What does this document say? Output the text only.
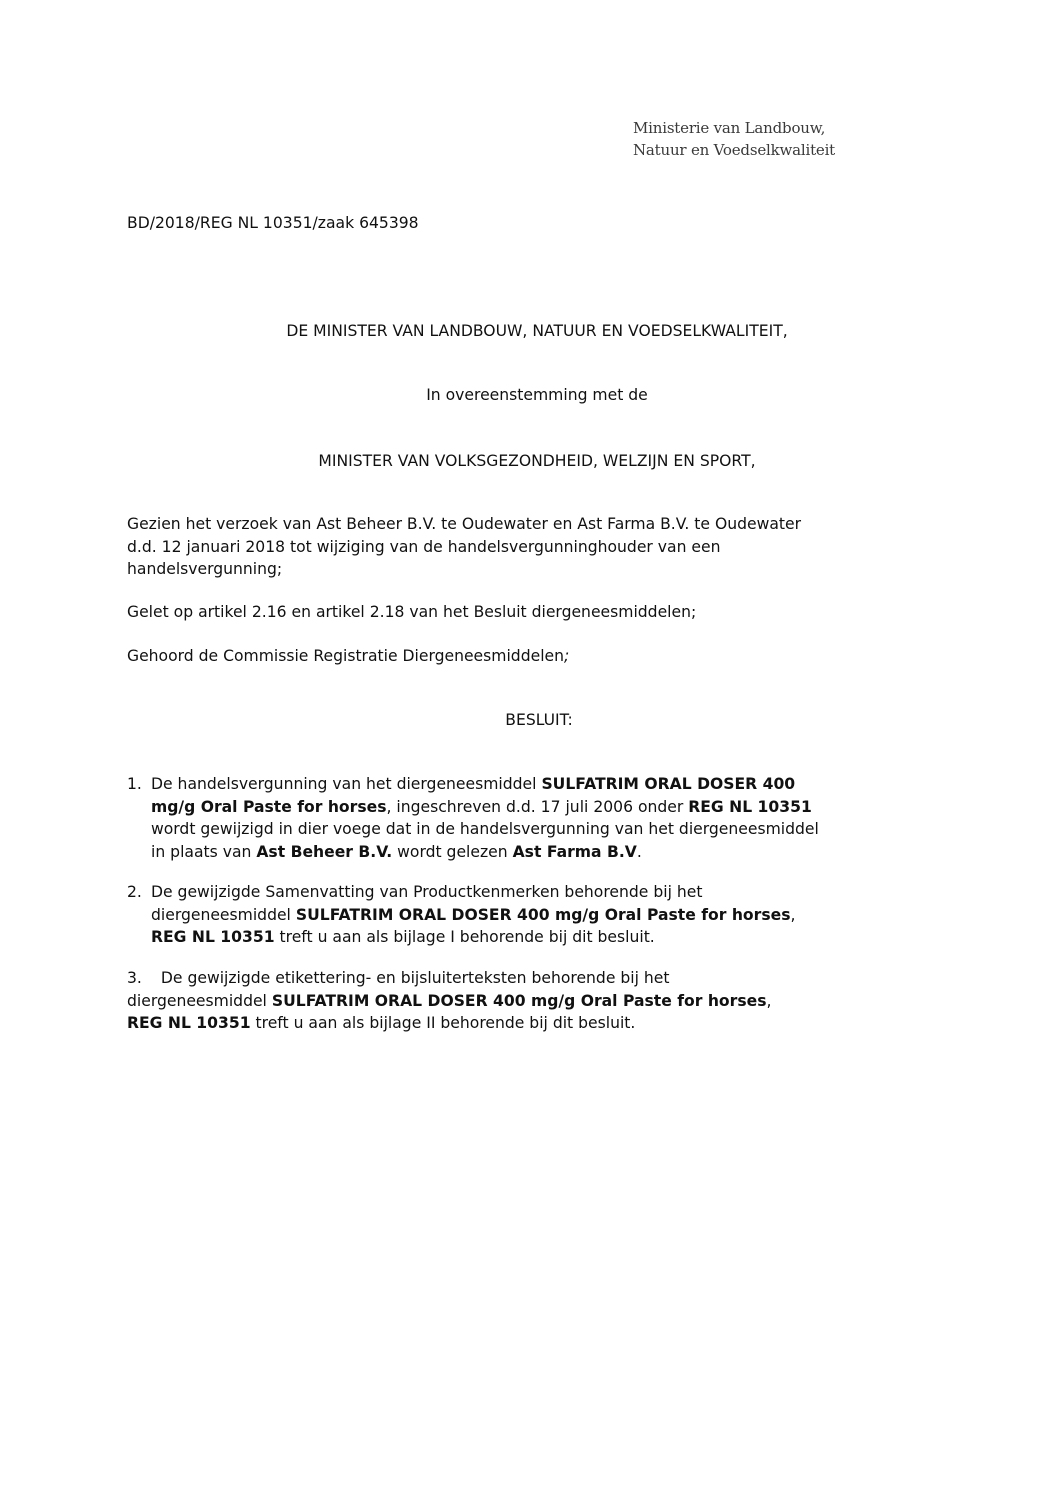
Ministerie van Landbouw,
Natuur en Voedselkwaliteit
BD/2018/REG NL 10351/zaak 645398
DE MINISTER VAN LANDBOUW, NATUUR EN VOEDSELKWALITEIT,
In overeenstemming met de
MINISTER VAN VOLKSGEZONDHEID, WELZIJN EN SPORT,
Gezien het verzoek van Ast Beheer B.V. te Oudewater en Ast Farma B.V. te Oudewater
d.d. 12 januari 2018 tot wijziging van de handelsvergunninghouder van een
handelsvergunning;
Gelet op artikel 2.16 en artikel 2.18 van het Besluit diergeneesmiddelen;
Gehoord de Commissie Registratie Diergeneesmiddelen;
BESLUIT:
1. De handelsvergunning van het diergeneesmiddel SULFATRIM ORAL DOSER 400
mg/g Oral Paste for horses, ingeschreven d.d. 17 juli 2006 onder REG NL 10351
wordt gewijzigd in dier voege dat in de handelsvergunning van het diergeneesmiddel
in plaats van Ast Beheer B.V. wordt gelezen Ast Farma B.V.
2. De gewijzigde Samenvatting van Productkenmerken behorende bij het
diergeneesmiddel SULFATRIM ORAL DOSER 400 mg/g Oral Paste for horses,
REG NL 10351 treft u aan als bijlage I behorende bij dit besluit.
3. De gewijzigde etikettering- en bijsluiterteksten behorende bij het
diergeneesmiddel SULFATRIM ORAL DOSER 400 mg/g Oral Paste for horses,
REG NL 10351 treft u aan als bijlage II behorende bij dit besluit.
